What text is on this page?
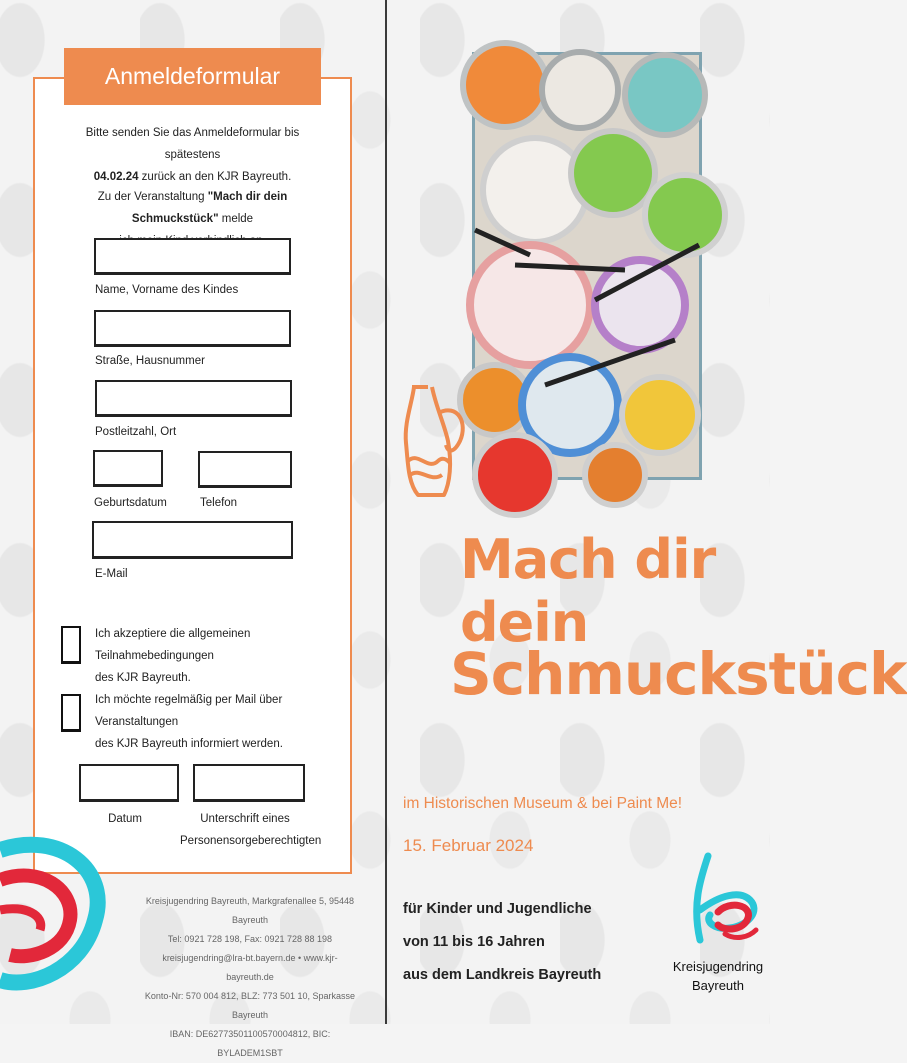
Anmeldeformular
Bitte senden Sie das Anmeldeformular bis spätestens
04.02.24 zurück an den KJR Bayreuth.
Zu der Veranstaltung "Mach dir dein Schmuckstück" melde

Name, Vorname des Kindes
Straße, Hausnummer
Postleitzahl, Ort
Geburtsdatum	Telefon
E-Mail
Ich akzeptiere die allgemeinen Teilnahmebedingungen
des KJR Bayreuth.
Ich möchte regelmäßig per Mail über Veranstaltungen
des KJR Bayreuth informiert werden.
Datum	Unterschrift eines
Personensorgeberechtigten
Kreisjugendring Bayreuth, Markgrafenallee 5, 95448 Bayreuth
Tel: 0921 728 198, Fax: 0921 728 88 198
kreisjugendring@lra-bt.bayern.de • www.kjr-bayreuth.de
Konto-Nr: 570 004 812, BLZ: 773 501 10, Sparkasse Bayreuth
IBAN: DE62773501100570004812, BIC: BYLADEM1SBT
Mach dir dein
Schmuckstück
im Historischen Museum & bei Paint Me!
15. Februar 2024
für Kinder und Jugendliche
von 11 bis 16 Jahren
aus dem Landkreis Bayreuth
Kreisjugendring
Bayreuth
